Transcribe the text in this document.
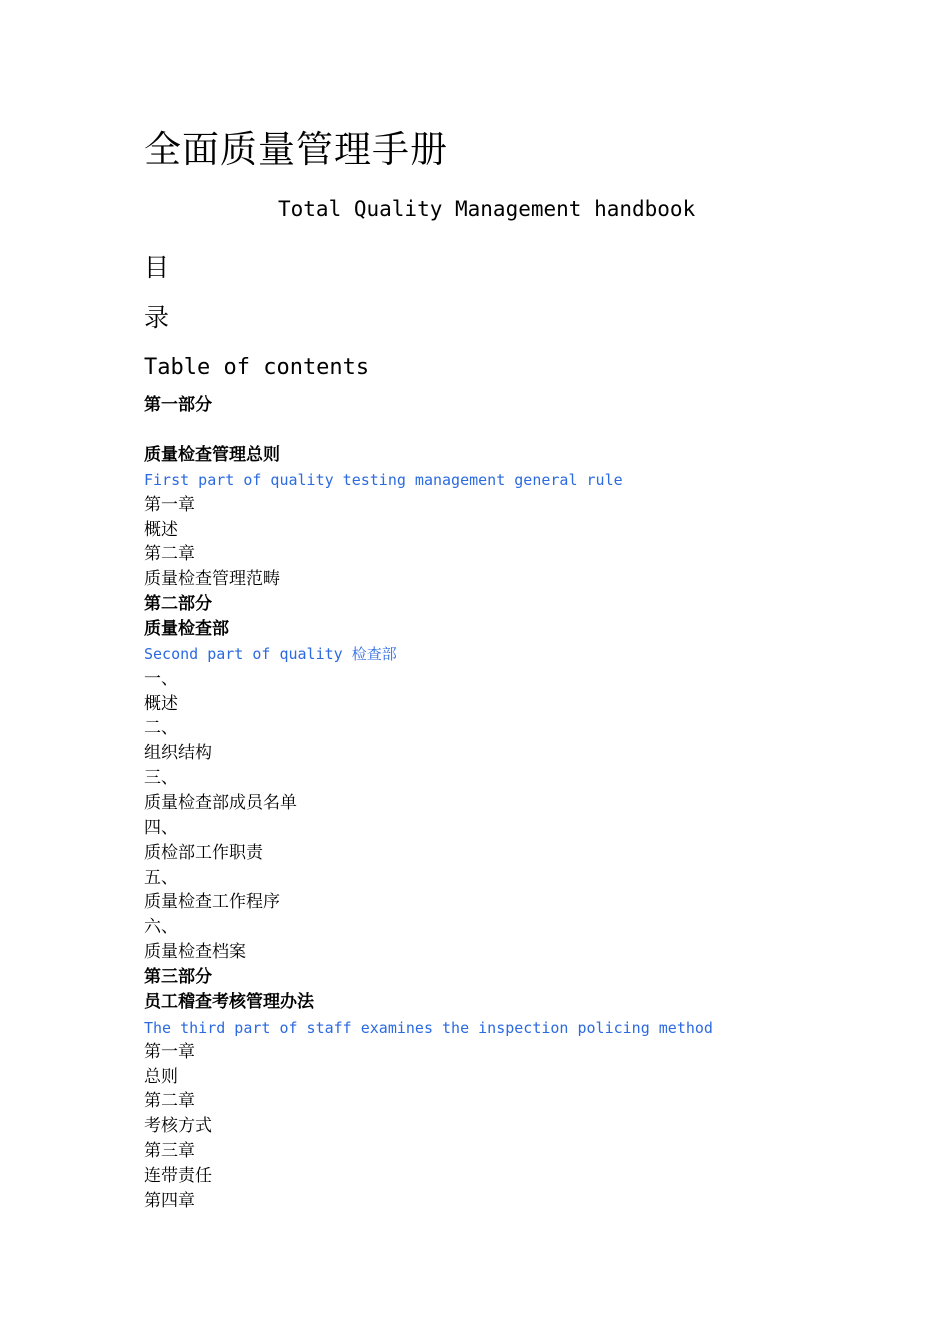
全面质量管理手册
Total Quality Management handbook
目
录
Table of contents
第一部分
质量检查管理总则
First part of quality testing management general rule
第一章
概述
第二章
质量检查管理范畴
第二部分
质量检查部
Second part of quality 检查部
一、
概述
二、
组织结构
三、
质量检查部成员名单
四、
质检部工作职责
五、
质量检查工作程序
六、
质量检查档案
第三部分
员工稽查考核管理办法
The third part of staff examines the inspection policing method
第一章
总则
第二章
考核方式
第三章
连带责任
第四章
